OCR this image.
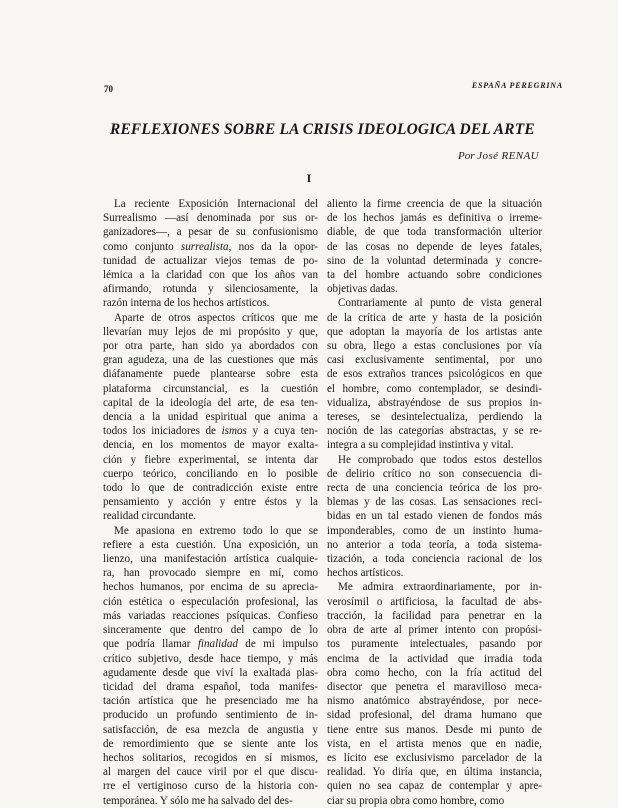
70	ESPAÑA PEREGRINA
REFLEXIONES SOBRE LA CRISIS IDEOLOGICA DEL ARTE
Por José RENAU
I

La reciente Exposición Internacional del
Surrealismo —así denominada por sus or-
ganizadores—, a pesar de su confusionismo
como conjunto surrealista, nos da la opor-
tunidad de actualizar viejos temas de po-
lémica a la claridad con que los años van
afirmando, rotunda y silenciosamente, la
razón interna de los hechos artísticos.

Aparte de otros aspectos críticos que me
llevarían muy lejos de mi propósito y que,
por otra parte, han sido ya abordados con
gran agudeza, una de las cuestiones que más
diáfanamente puede plantearse sobre esta
plataforma circunstancial, es la cuestión
capital de la ideología del arte, de esa ten-
dencia a la unidad espiritual que anima a
todos los iniciadores de ismos y a cuya ten-
dencia, en los momentos de mayor exalta-
ción y fiebre experimental, se intenta dar
cuerpo teórico, conciliando en lo posible
todo lo que de contradicción existe entre
pensamiento y acción y entre éstos y la
realidad circundante.

Me apasiona en extremo todo lo que se
refiere a esta cuestión. Una exposición, un
lienzo, una manifestación artística cualquie-
ra, han provocado siempre en mí, como
hechos humanos, por encima de su aprecia-
ción estética o especulación profesional, las
más variadas reacciones psíquicas. Confieso
sinceramente que dentro del campo de lo
que podría llamar finalidad de mi impulso
crítico subjetivo, desde hace tiempo, y más
agudamente desde que viví la exaltada plas-
ticidad del drama español, toda manifes-
tación artística que he presenciado me ha
producido un profundo sentimiento de in-
satisfacción, de esa mezcla de angustia y
de remordimiento que se siente ante los
hechos solitarios, recogidos en sí mismos,
al margen del cauce viril por el que discu-
rre el vertiginoso curso de la historia con-
temporánea. Y sólo me ha salvado del des-

aliento la firme creencia de que la situación
de los hechos jamás es definitiva o irreme-
diable, de que toda transformación ulterior
de las cosas no depende de leyes fatales,
sino de la voluntad determinada y concre-
ta del hombre actuando sobre condiciones
objetivas dadas.

Contrariamente al punto de vista general
de la crítica de arte y hasta de la posición
que adoptan la mayoría de los artistas ante
su obra, llego a estas conclusiones por vía
casi exclusivamente sentimental, por uno
de esos extraños trances psicológicos en que
el hombre, como contemplador, se desindi-
vidualiza, abstrayéndose de sus propios in-
tereses, se desintelectualiza, perdiendo la
noción de las categorías abstractas, y se re-
integra a su complejidad instintiva y vital.

He comprobado que todos estos destellos
de delirio crítico no son consecuencia di-
recta de una conciencia teórica de los pro-
blemas y de las cosas. Las sensaciones reci-
bidas en un tal estado vienen de fondos más
imponderables, como de un instinto huma-
no anterior a toda teoría, a toda sistema-
tización, a toda conciencia racional de los
hechos artísticos.

Me admira extraordinariamente, por in-
verosímil o artificiosa, la facultad de abs-
tracción, la facilidad para penetrar en la
obra de arte al primer intento con propósi-
tos puramente intelectuales, pasando por
encima de la actividad que irradia toda
obra como hecho, con la fría actitud del
disector que penetra el maravilloso meca-
nismo anatómico abstrayéndose, por nece-
sidad profesional, del drama humano que
tiene entre sus manos. Desde mi punto de
vista, en el artista menos que en nadie,
es lícito ese exclusivismo parcelador de la
realidad. Yo diría que, en última instancia,
quien no sea capaz de contemplar y apre-
ciar su propia obra como hombre, como
